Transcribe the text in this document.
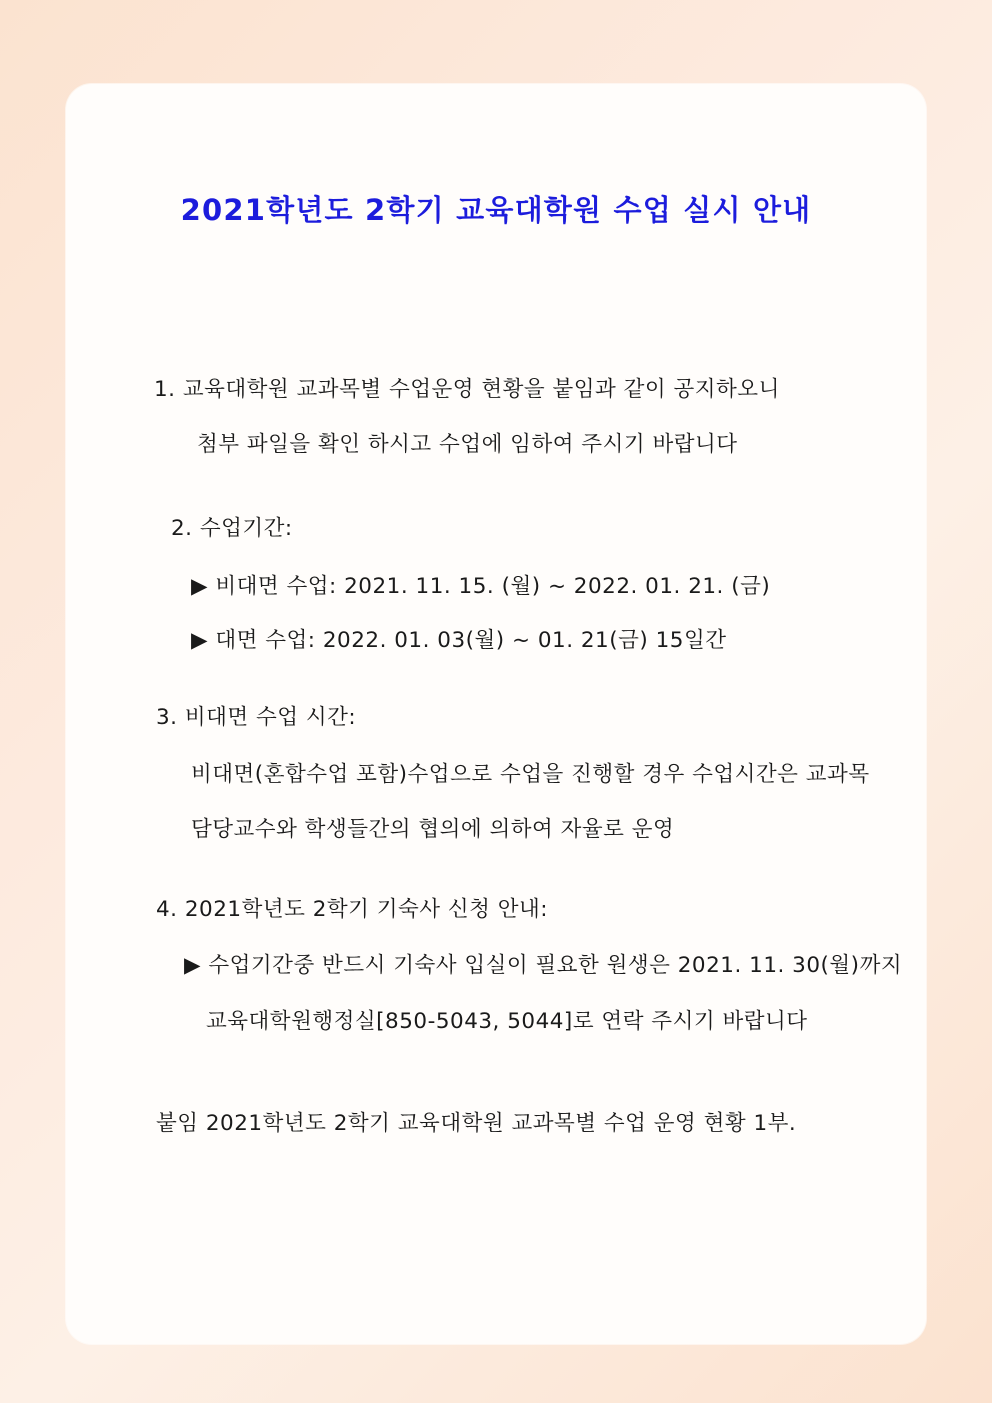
2021학년도 2학기 교육대학원 수업 실시 안내
1. 교육대학원 교과목별 수업운영 현황을 붙임과 같이 공지하오니
첨부 파일을 확인 하시고 수업에 임하여 주시기 바랍니다
2. 수업기간:
▶ 비대면 수업: 2021. 11. 15. (월) ~ 2022. 01. 21. (금)
▶ 대면 수업: 2022. 01. 03(월) ~ 01. 21(금) 15일간
3. 비대면 수업 시간:
비대면(혼합수업 포함)수업으로 수업을 진행할 경우 수업시간은 교과목
담당교수와 학생들간의 협의에 의하여 자율로 운영
4. 2021학년도 2학기 기숙사 신청 안내:
▶ 수업기간중 반드시 기숙사 입실이 필요한 원생은 2021. 11. 30(월)까지
교육대학원행정실[850-5043, 5044]로 연락 주시기 바랍니다
붙임 2021학년도 2학기 교육대학원 교과목별 수업 운영 현황 1부.
